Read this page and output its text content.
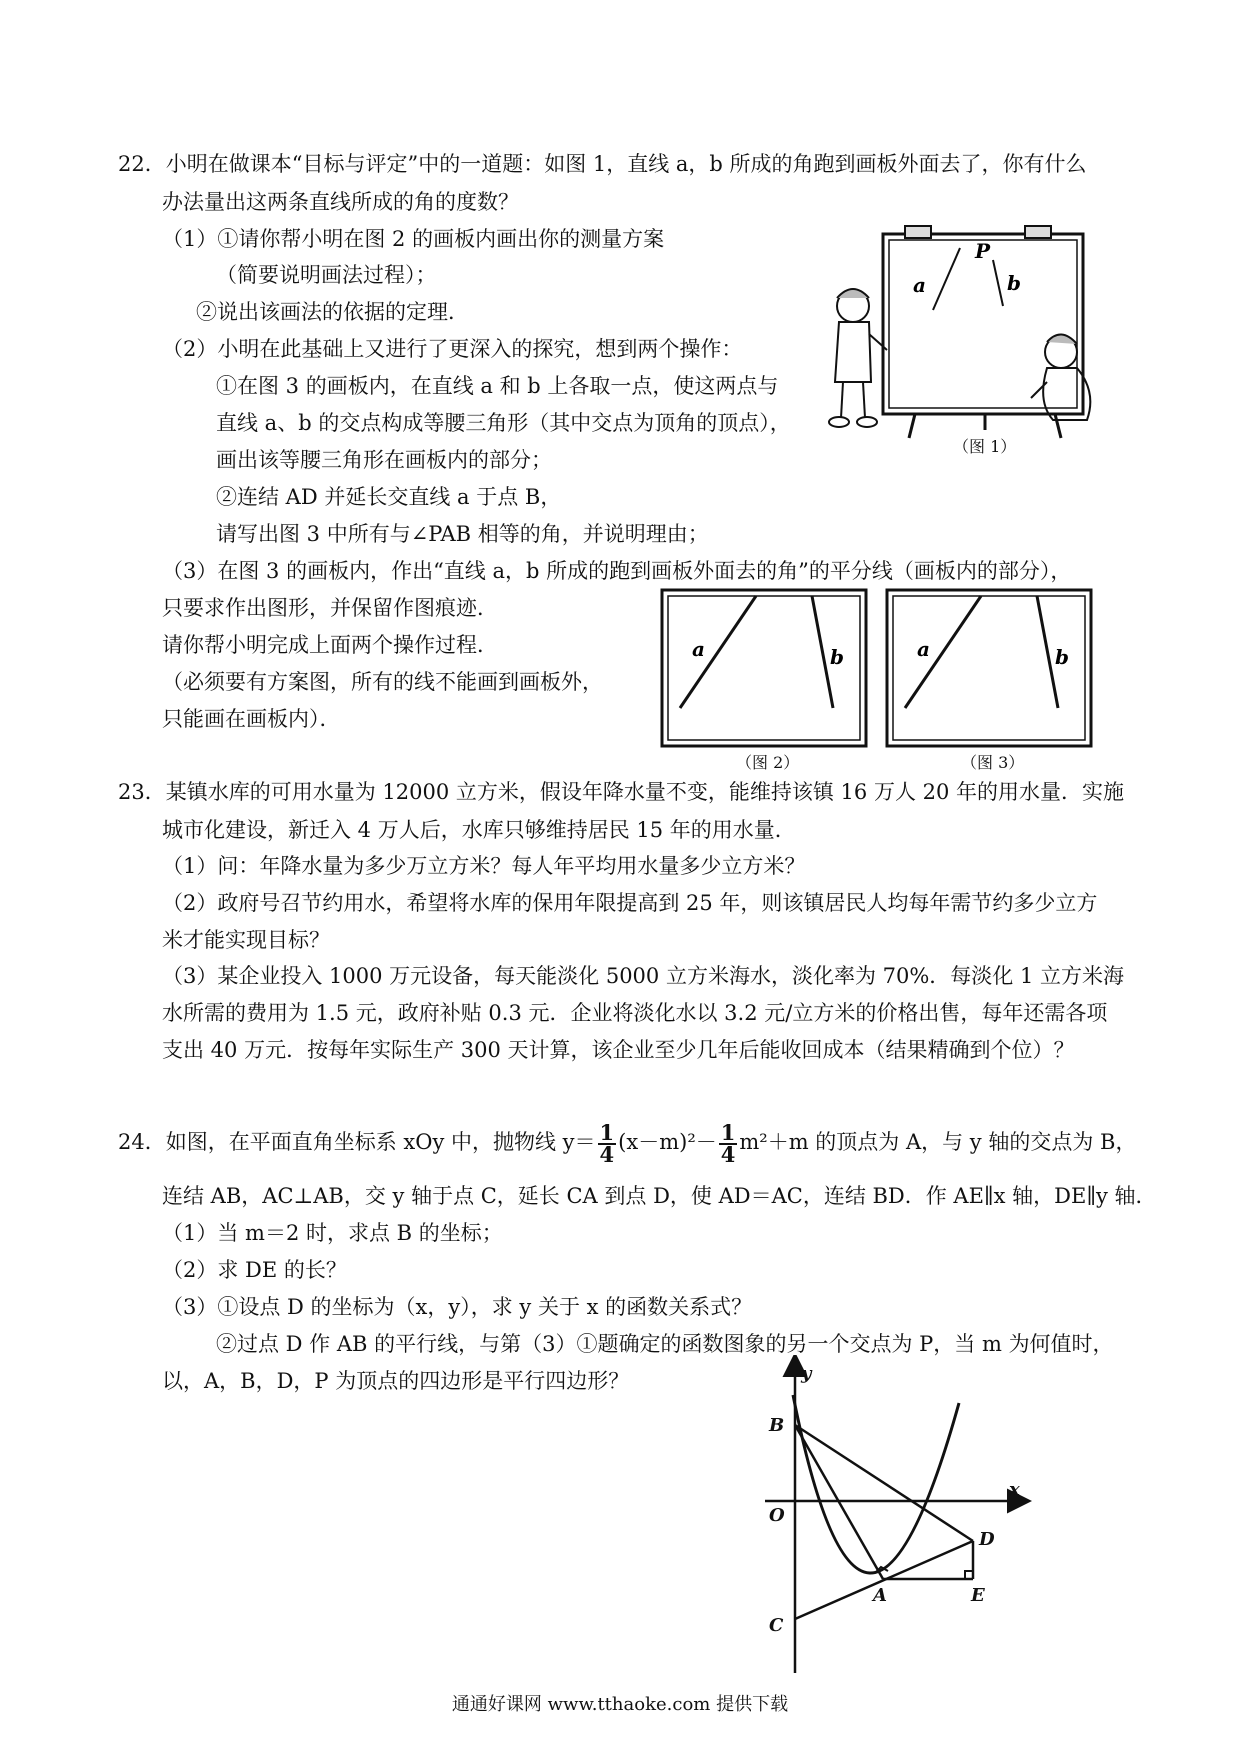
22．小明在做课本“目标与评定”中的一道题：如图 1，直线 a，b 所成的角跑到画板外面去了，你有什么
办法量出这两条直线所成的角的度数？
（1）①请你帮小明在图 2 的画板内画出你的测量方案
（简要说明画法过程）；
②说出该画法的依据的定理．
（2）小明在此基础上又进行了更深入的探究，想到两个操作：
①在图 3 的画板内，在直线 a 和 b 上各取一点，使这两点与
直线 a、b 的交点构成等腰三角形（其中交点为顶角的顶点），
画出该等腰三角形在画板内的部分；
②连结 AD 并延长交直线 a 于点 B，
请写出图 3 中所有与∠PAB 相等的角，并说明理由；
（3）在图 3 的画板内，作出“直线 a，b 所成的跑到画板外面去的角”的平分线（画板内的部分），
只要求作出图形，并保留作图痕迹．
请你帮小明完成上面两个操作过程．
（必须要有方案图，所有的线不能画到画板外，
只能画在画板内）．
a
P
b
（图 1）
a	b
（图 2）
a	b
（图 3）
23．某镇水库的可用水量为 12000 立方米，假设年降水量不变，能维持该镇 16 万人 20 年的用水量．实施
城市化建设，新迁入 4 万人后，水库只够维持居民 15 年的用水量．
（1）问：年降水量为多少万立方米？每人年平均用水量多少立方米？
（2）政府号召节约用水，希望将水库的保用年限提高到 25 年，则该镇居民人均每年需节约多少立方
米才能实现目标？
（3）某企业投入 1000 万元设备，每天能淡化 5000 立方米海水，淡化率为 70%．每淡化 1 立方米海
水所需的费用为 1.5 元，政府补贴 0.3 元．企业将淡化水以 3.2 元/立方米的价格出售，每年还需各项
支出 40 万元．按每年实际生产 300 天计算，该企业至少几年后能收回成本（结果精确到个位）？
24．如图，在平面直角坐标系 xOy 中，抛物线 $y= \frac{1}{4} (x-m)^2- \frac{1}{4} m^2+m$ 的顶点为 A，与 y 轴的交点为 B，
连结 AB，AC⊥AB，交 y 轴于点 C，延长 CA 到点 D，使 AD＝AC，连结 BD．作 AE∥x 轴，DE∥y 轴．
（1）当 m＝2 时，求点 B 的坐标；
（2）求 DE 的长？
（3）①设点 D 的坐标为（x，y），求 y 关于 x 的函数关系式？
②过点 D 作 AB 的平行线，与第（3）①题确定的函数图象的另一个交点为 P，当 m 为何值时，
以，A，B，D，P 为顶点的四边形是平行四边形？	y
x
O
B
C
A
D
E
通通好课网 www.tthaoke.com 提供下载
